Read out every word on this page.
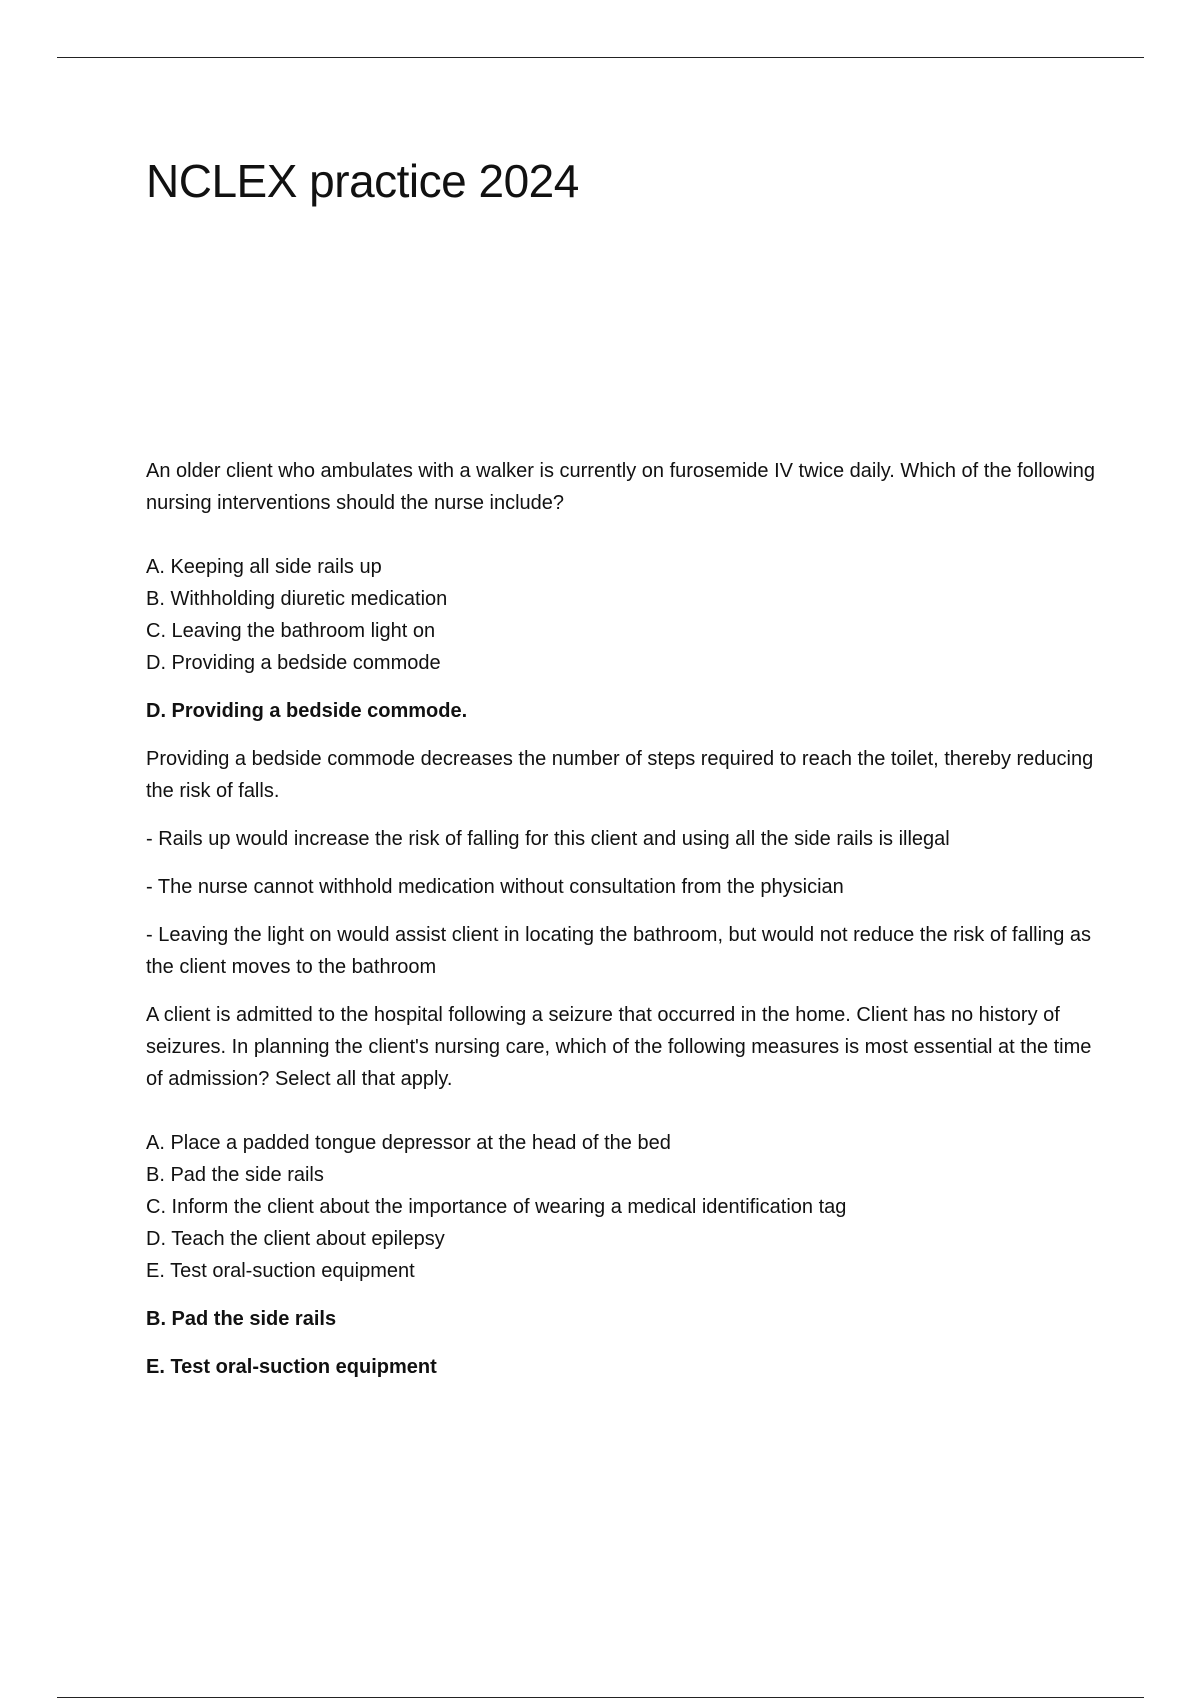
NCLEX practice 2024

An older client who ambulates with a walker is currently on furosemide IV twice daily. Which of the following nursing interventions should the nurse include?

A. Keeping all side rails up
B. Withholding diuretic medication
C. Leaving the bathroom light on
D. Providing a bedside commode

D. Providing a bedside commode.

Providing a bedside commode decreases the number of steps required to reach the toilet, thereby reducing the risk of falls.

- Rails up would increase the risk of falling for this client and using all the side rails is illegal

- The nurse cannot withhold medication without consultation from the physician

- Leaving the light on would assist client in locating the bathroom, but would not reduce the risk of falling as the client moves to the bathroom

A client is admitted to the hospital following a seizure that occurred in the home. Client has no history of seizures. In planning the client's nursing care, which of the following measures is most essential at the time of admission? Select all that apply.

A. Place a padded tongue depressor at the head of the bed
B. Pad the side rails
C. Inform the client about the importance of wearing a medical identification tag
D. Teach the client about epilepsy
E. Test oral-suction equipment

B. Pad the side rails

E. Test oral-suction equipment
